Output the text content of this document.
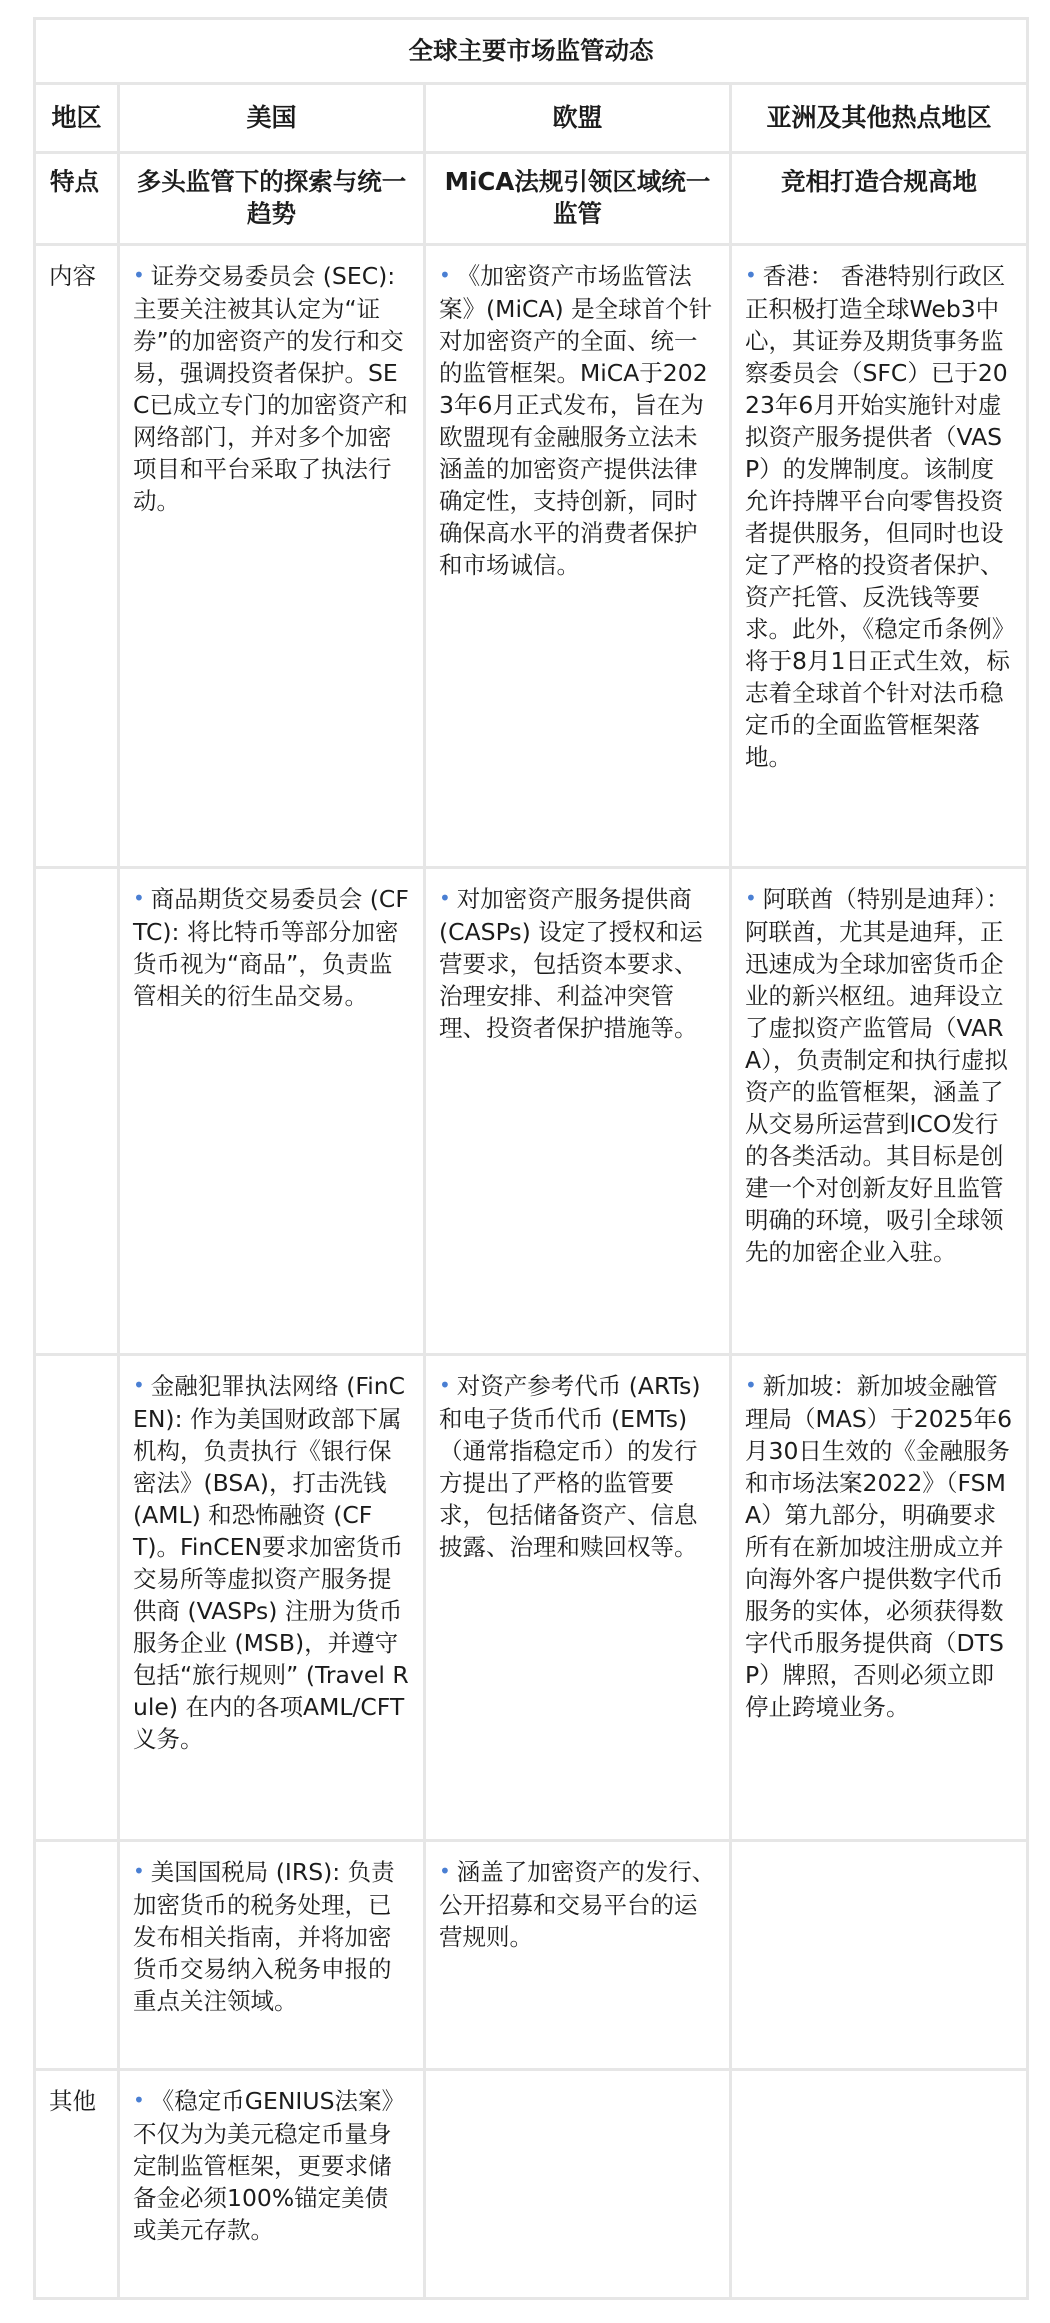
全球主要市场监管动态			
地区	美国	欧盟	亚洲及其他热点地区
特点	多头监管下的探索与统一趋势	MiCA法规引领区域统一监管	竞相打造合规高地
内容	• 证券交易委员会 (SEC): 主要关注被其认定为“证券”的加密资产的发行和交易，强调投资者保护。SEC已成立专门的加密资产和网络部门，并对多个加密项目和平台采取了执法行动。	• 《加密资产市场监管法案》(MiCA) 是全球首个针对加密资产的全面、统一的监管框架。MiCA于2023年6月正式发布，旨在为欧盟现有金融服务立法未涵盖的加密资产提供法律确定性，支持创新，同时确保高水平的消费者保护和市场诚信。	• 香港： 香港特别行政区正积极打造全球Web3中心，其证券及期货事务监察委员会（SFC）已于2023年6月开始实施针对虚拟资产服务提供者（VASP）的发牌制度。该制度允许持牌平台向零售投资者提供服务，但同时也设定了严格的投资者保护、资产托管、反洗钱等要求。此外，《稳定币条例》将于8月1日正式生效，标志着全球首个针对法币稳定币的全面监管框架落地。
	• 商品期货交易委员会 (CFTC): 将比特币等部分加密货币视为“商品”，负责监管相关的衍生品交易。	• 对加密资产服务提供商 (CASPs) 设定了授权和运营要求，包括资本要求、治理安排、利益冲突管理、投资者保护措施等。	• 阿联酋（特别是迪拜）： 阿联酋，尤其是迪拜，正迅速成为全球加密货币企业的新兴枢纽。迪拜设立了虚拟资产监管局（VARA），负责制定和执行虚拟资产的监管框架，涵盖了从交易所运营到ICO发行的各类活动。其目标是创建一个对创新友好且监管明确的环境，吸引全球领先的加密企业入驻。
	• 金融犯罪执法网络 (FinCEN): 作为美国财政部下属机构，负责执行《银行保密法》(BSA)，打击洗钱 (AML) 和恐怖融资 (CFT)。FinCEN要求加密货币交易所等虚拟资产服务提供商 (VASPs) 注册为货币服务企业 (MSB)，并遵守包括“旅行规则” (Travel Rule) 在内的各项AML/CFT义务。	• 对资产参考代币 (ARTs) 和电子货币代币 (EMTs)（通常指稳定币）的发行方提出了严格的监管要求，包括储备资产、信息披露、治理和赎回权等。	• 新加坡：新加坡金融管理局（MAS）于2025年6月30日生效的《金融服务和市场法案2022》（FSMA）第九部分，明确要求所有在新加坡注册成立并向海外客户提供数字代币服务的实体，必须获得数字代币服务提供商（DTSP）牌照，否则必须立即停止跨境业务。
	• 美国国税局 (IRS): 负责加密货币的税务处理，已发布相关指南，并将加密货币交易纳入税务申报的重点关注领域。	• 涵盖了加密资产的发行、公开招募和交易平台的运营规则。	
其他	• 《稳定币GENIUS法案》不仅为为美元稳定币量身定制监管框架，更要求储备金必须100%锚定美债或美元存款。		
